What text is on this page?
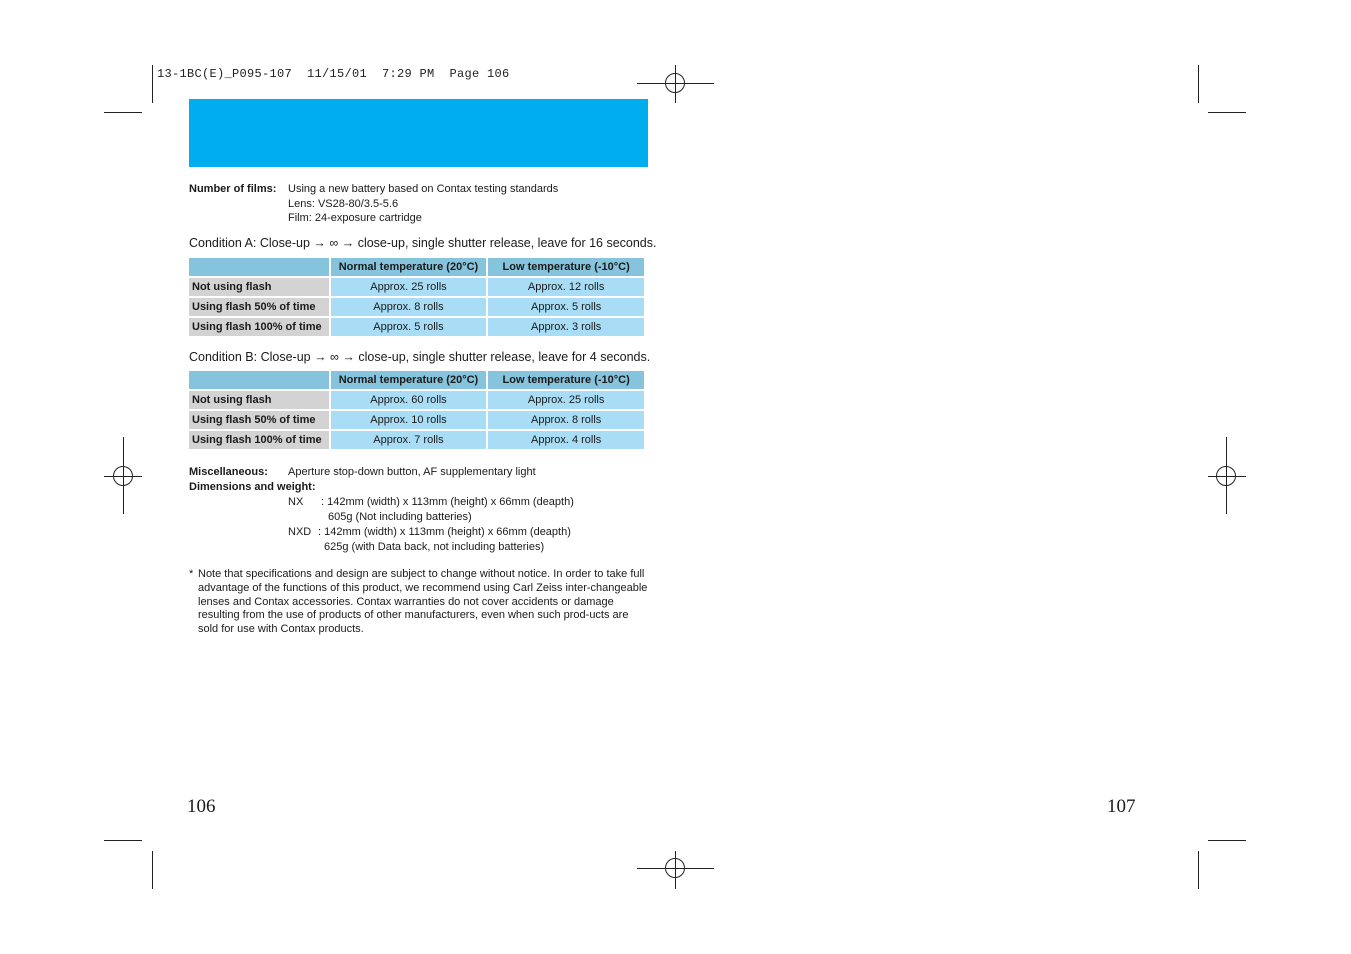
13-1BC(E)_P095-107  11/15/01  7:29 PM  Page 106
Number of films: Using a new battery based on Contax testing standards
Lens: VS28-80/3.5-5.6
Film: 24-exposure cartridge
Condition A: Close-up → ∞ → close-up, single shutter release, leave for 16 seconds.
	Normal temperature (20°C)	Low temperature (-10°C)
Not using flash	Approx. 25 rolls	Approx. 12 rolls
Using flash 50% of time	Approx. 8 rolls	Approx. 5 rolls
Using flash 100% of time	Approx. 5 rolls	Approx. 3 rolls
Condition B: Close-up → ∞ → close-up, single shutter release, leave for 4 seconds.
	Normal temperature (20°C)	Low temperature (-10°C)
Not using flash	Approx. 60 rolls	Approx. 25 rolls
Using flash 50% of time	Approx. 10 rolls	Approx. 8 rolls
Using flash 100% of time	Approx. 7 rolls	Approx. 4 rolls
Miscellaneous: Aperture stop-down button, AF supplementary light
Dimensions and weight:
NX : 142mm (width) x 113mm (height) x 66mm (deapth)
605g (Not including batteries)
NXD : 142mm (width) x 113mm (height) x 66mm (deapth)
625g (with Data back, not including batteries)
* Note that specifications and design are subject to change without notice. In order to take full advantage of the functions of this product, we recommend using Carl Zeiss inter-changeable lenses and Contax accessories. Contax warranties do not cover accidents or damage resulting from the use of products of other manufacturers, even when such prod-ucts are sold for use with Contax products.
106	107
